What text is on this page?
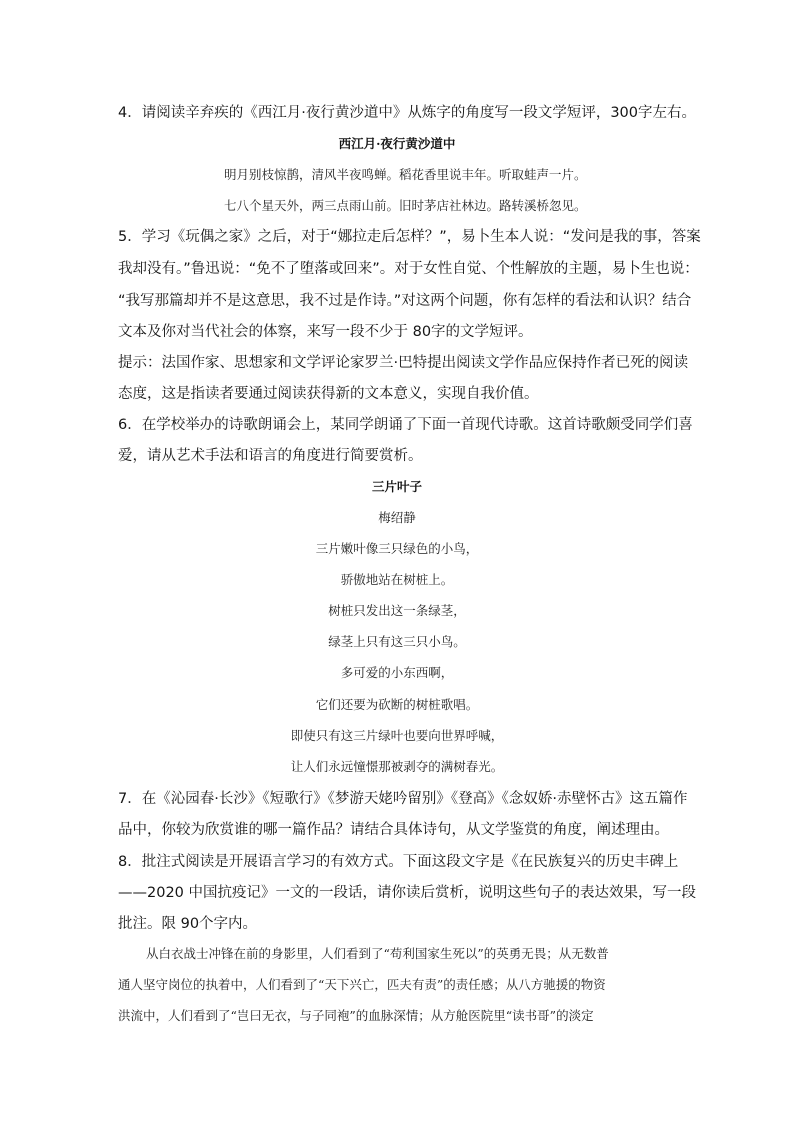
4．请阅读辛弃疾的《西江月·夜行黄沙道中》从炼字的角度写一段文学短评，300字左右。
西江月·夜行黄沙道中
明月别枝惊鹊，清风半夜鸣蝉。稻花香里说丰年。听取蛙声一片。
七八个星天外，两三点雨山前。旧时茅店社林边。路转溪桥忽见。
5．学习《玩偶之家》之后，对于“娜拉走后怎样？”，易卜生本人说：“发问是我的事，答案
我却没有。”鲁迅说：“免不了堕落或回来”。对于女性自觉、个性解放的主题，易卜生也说：
“我写那篇却并不是这意思，我不过是作诗。”对这两个问题，你有怎样的看法和认识？结合
文本及你对当代社会的体察，来写一段不少于 80字的文学短评。
提示：法国作家、思想家和文学评论家罗兰·巴特提出阅读文学作品应保持作者已死的阅读
态度，这是指读者要通过阅读获得新的文本意义，实现自我价值。
6．在学校举办的诗歌朗诵会上，某同学朗诵了下面一首现代诗歌。这首诗歌颇受同学们喜
爱，请从艺术手法和语言的角度进行简要赏析。
三片叶子
梅绍静
三片嫩叶像三只绿色的小鸟，
骄傲地站在树桩上。
树桩只发出这一条绿茎，
绿茎上只有这三只小鸟。
多可爱的小东西啊，
它们还要为砍断的树桩歌唱。
即使只有这三片绿叶也要向世界呼喊，
让人们永远憧憬那被剥夺的满树春光。
7．在《沁园春·长沙》《短歌行》《梦游天姥吟留别》《登高》《念奴娇·赤壁怀古》这五篇作
品中，你较为欣赏谁的哪一篇作品？请结合具体诗句，从文学鉴赏的角度，阐述理由。
8．批注式阅读是开展语言学习的有效方式。下面这段文字是《在民族复兴的历史丰碑上
——2020 中国抗疫记》一文的一段话，请你读后赏析，说明这些句子的表达效果，写一段
批注。限 90个字内。
从白衣战士冲锋在前的身影里，人们看到了“苟利国家生死以”的英勇无畏；从无数普
通人坚守岗位的执着中，人们看到了“天下兴亡，匹夫有责”的责任感；从八方驰援的物资
洪流中，人们看到了“岂曰无衣，与子同袍”的血脉深情；从方舱医院里“读书哥”的淡定
